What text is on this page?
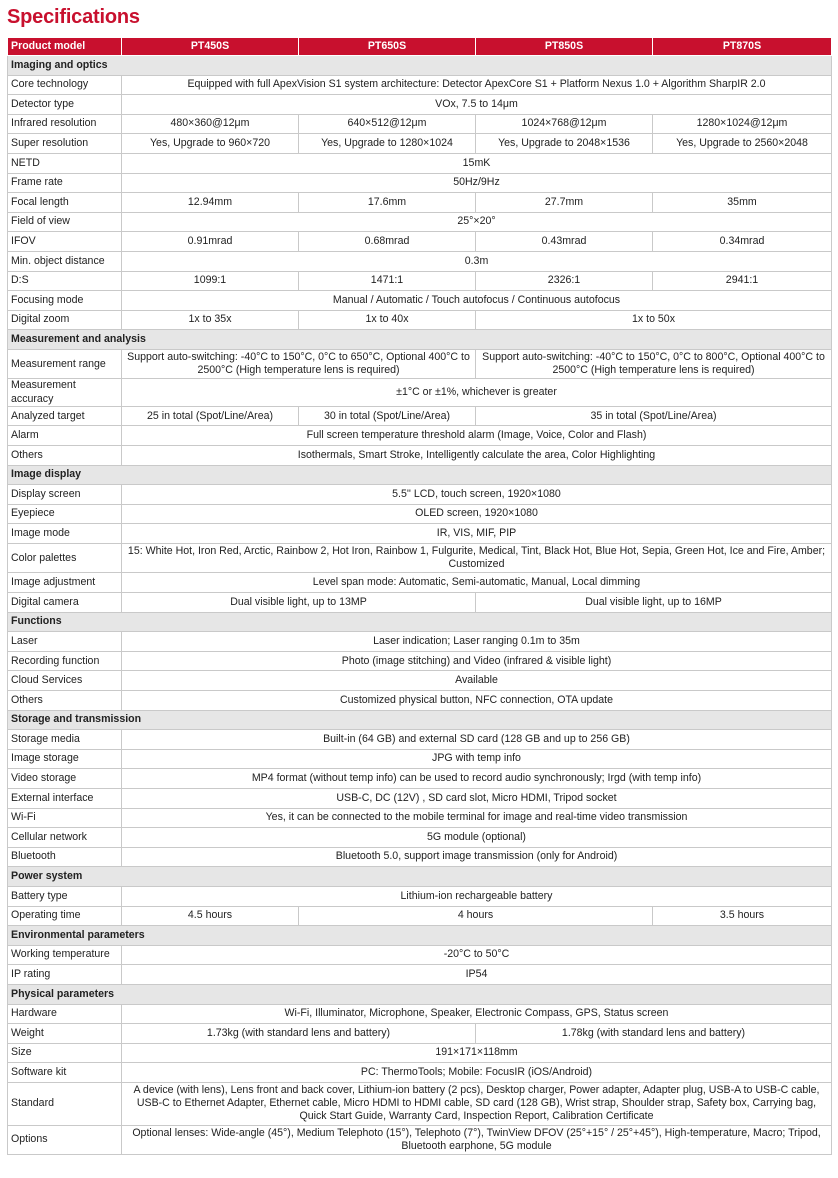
Specifications
Product model	PT450S	PT650S	PT850S	PT870S
Imaging and optics				
Core technology	Equipped with full ApexVision S1 system architecture: Detector ApexCore S1 + Platform Nexus 1.0 + Algorithm SharpIR 2.0			
Detector type	VOx, 7.5 to 14μm			
Infrared resolution	480×360@12μm	640×512@12μm	1024×768@12μm	1280×1024@12μm
Super resolution	Yes, Upgrade to 960×720	Yes, Upgrade to 1280×1024	Yes, Upgrade to 2048×1536	Yes, Upgrade to 2560×2048
NETD	15mK			
Frame rate	50Hz/9Hz			
Focal length	12.94mm	17.6mm	27.7mm	35mm
Field of view	25°×20°			
IFOV	0.91mrad	0.68mrad	0.43mrad	0.34mrad
Min. object distance	0.3m			
D:S	1099:1	1471:1	2326:1	2941:1
Focusing mode	Manual / Automatic / Touch autofocus / Continuous autofocus			
Digital zoom	1x to 35x	1x to 40x	1x to 50x	
Measurement and analysis				
Measurement range	Support auto-switching: -40°C to 150°C, 0°C to 650°C, Optional 400°C to 2500°C (High temperature lens is required)		Support auto-switching: -40°C to 150°C, 0°C to 800°C, Optional 400°C to 2500°C (High temperature lens is required)	
Measurement accuracy	±1°C or ±1%, whichever is greater			
Analyzed target	25 in total (Spot/Line/Area)	30 in total (Spot/Line/Area)	35 in total (Spot/Line/Area)	
Alarm	Full screen temperature threshold alarm (Image, Voice, Color and Flash)			
Others	Isothermals, Smart Stroke, Intelligently calculate the area, Color Highlighting			
Image display				
Display screen	5.5'' LCD, touch screen, 1920×1080			
Eyepiece	OLED screen, 1920×1080			
Image mode	IR, VIS, MIF, PIP			
Color palettes	15: White Hot, Iron Red, Arctic, Rainbow 2, Hot Iron, Rainbow 1, Fulgurite, Medical, Tint, Black Hot, Blue Hot, Sepia, Green Hot, Ice and Fire, Amber; Customized			
Image adjustment	Level span mode: Automatic, Semi-automatic, Manual, Local dimming			
Digital camera	Dual visible light, up to 13MP		Dual visible light, up to 16MP	
Functions				
Laser	Laser indication; Laser ranging 0.1m to 35m			
Recording function	Photo (image stitching) and Video (infrared & visible light)			
Cloud Services	Available			
Others	Customized physical button, NFC connection, OTA update			
Storage and transmission				
Storage media	Built-in (64 GB) and external SD card (128 GB and up to 256 GB)			
Image storage	JPG with temp info			
Video storage	MP4 format (without temp info) can be used to record audio synchronously; Irgd (with temp info)			
External interface	USB-C, DC (12V) , SD card slot, Micro HDMI, Tripod socket			
Wi-Fi	Yes, it can be connected to the mobile terminal for image and real-time video transmission			
Cellular network	5G module (optional)			
Bluetooth	Bluetooth 5.0, support image transmission (only for Android)			
Power system				
Battery type	Lithium-ion rechargeable battery			
Operating time	4.5 hours	4 hours		3.5 hours
Environmental parameters				
Working temperature	-20°C to 50°C			
IP rating	IP54			
Physical parameters				
Hardware	Wi-Fi, Illuminator, Microphone, Speaker, Electronic Compass, GPS, Status screen			
Weight	1.73kg (with standard lens and battery)		1.78kg (with standard lens and battery)	
Size	191×171×118mm			
Software kit	PC: ThermoTools; Mobile: FocusIR (iOS/Android)			
Standard	A device (with lens), Lens front and back cover, Lithium-ion battery (2 pcs), Desktop charger, Power adapter, Adapter plug, USB-A to USB-C cable, USB-C to Ethernet Adapter, Ethernet cable, Micro HDMI to HDMI cable, SD card (128 GB), Wrist strap, Shoulder strap, Safety box, Carrying bag, Quick Start Guide, Warranty Card, Inspection Report, Calibration Certificate			
Options	Optional lenses: Wide-angle (45°), Medium Telephoto (15°), Telephoto (7°), TwinView DFOV (25°+15° / 25°+45°), High-temperature, Macro; Tripod, Bluetooth earphone, 5G module			
